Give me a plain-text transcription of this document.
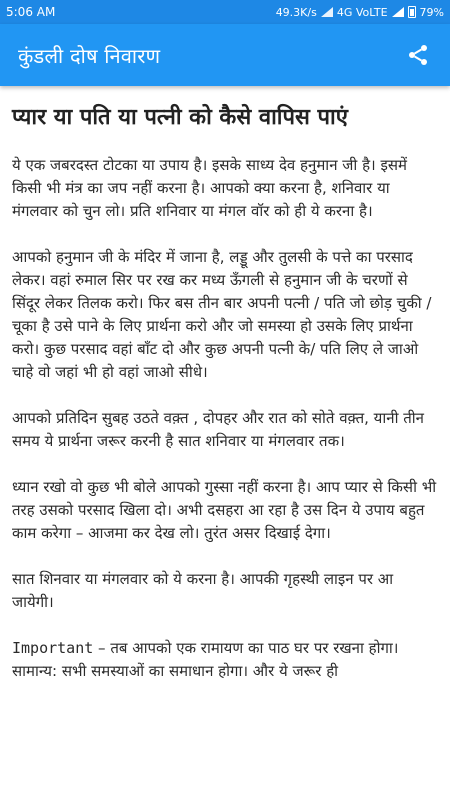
5:06 AM	49.3K/s 4G VoLTE	79%
कुंडली दोष निवारण
प्यार या पति या पत्नी को कैसे वापिस पाएं

ये एक जबरदस्त टोटका या उपाय है। इसके साध्य देव हनुमान जी है। इसमें किसी भी मंत्र का जप नहीं करना है। आपको क्या करना है, शनिवार या मंगलवार को चुन लो। प्रति शनिवार या मंगल वॉर को ही ये करना है।

आपको हनुमान जी के मंदिर में जाना है, लड्डू और तुलसी के पत्ते का परसाद लेकर। वहां रुमाल सिर पर रख कर मध्य ऊँगली से हनुमान जी के चरणों से सिंदूर लेकर तिलक करो। फिर बस तीन बार अपनी पत्नी / पति जो छोड़ चुकी / चूका है उसे पाने के लिए प्रार्थना करो और जो समस्या हो उसके लिए प्रार्थना करो। कुछ परसाद वहां बाँट दो और कुछ अपनी पत्नी के/ पति लिए ले जाओ चाहे वो जहां भी हो वहां जाओ सीधे।

आपको प्रतिदिन सुबह उठते वक़्त , दोपहर और रात को सोते वक़्त, यानी तीन समय ये प्रार्थना जरूर करनी है सात शनिवार या मंगलवार तक।

ध्यान रखो वो कुछ भी बोले आपको गुस्सा नहीं करना है। आप प्यार से किसी भी तरह उसको परसाद खिला दो। अभी दसहरा आ रहा है उस दिन ये उपाय बहुत काम करेगा – आजमा कर देख लो। तुरंत असर दिखाई देगा।

सात शिनवार या मंगलवार को ये करना है। आपकी गृहस्थी लाइन पर आ जायेगी।

Important – तब आपको एक रामायण का पाठ घर पर रखना होगा। सामान्य: सभी समस्याओं का समाधान होगा। और ये जरूर ही
